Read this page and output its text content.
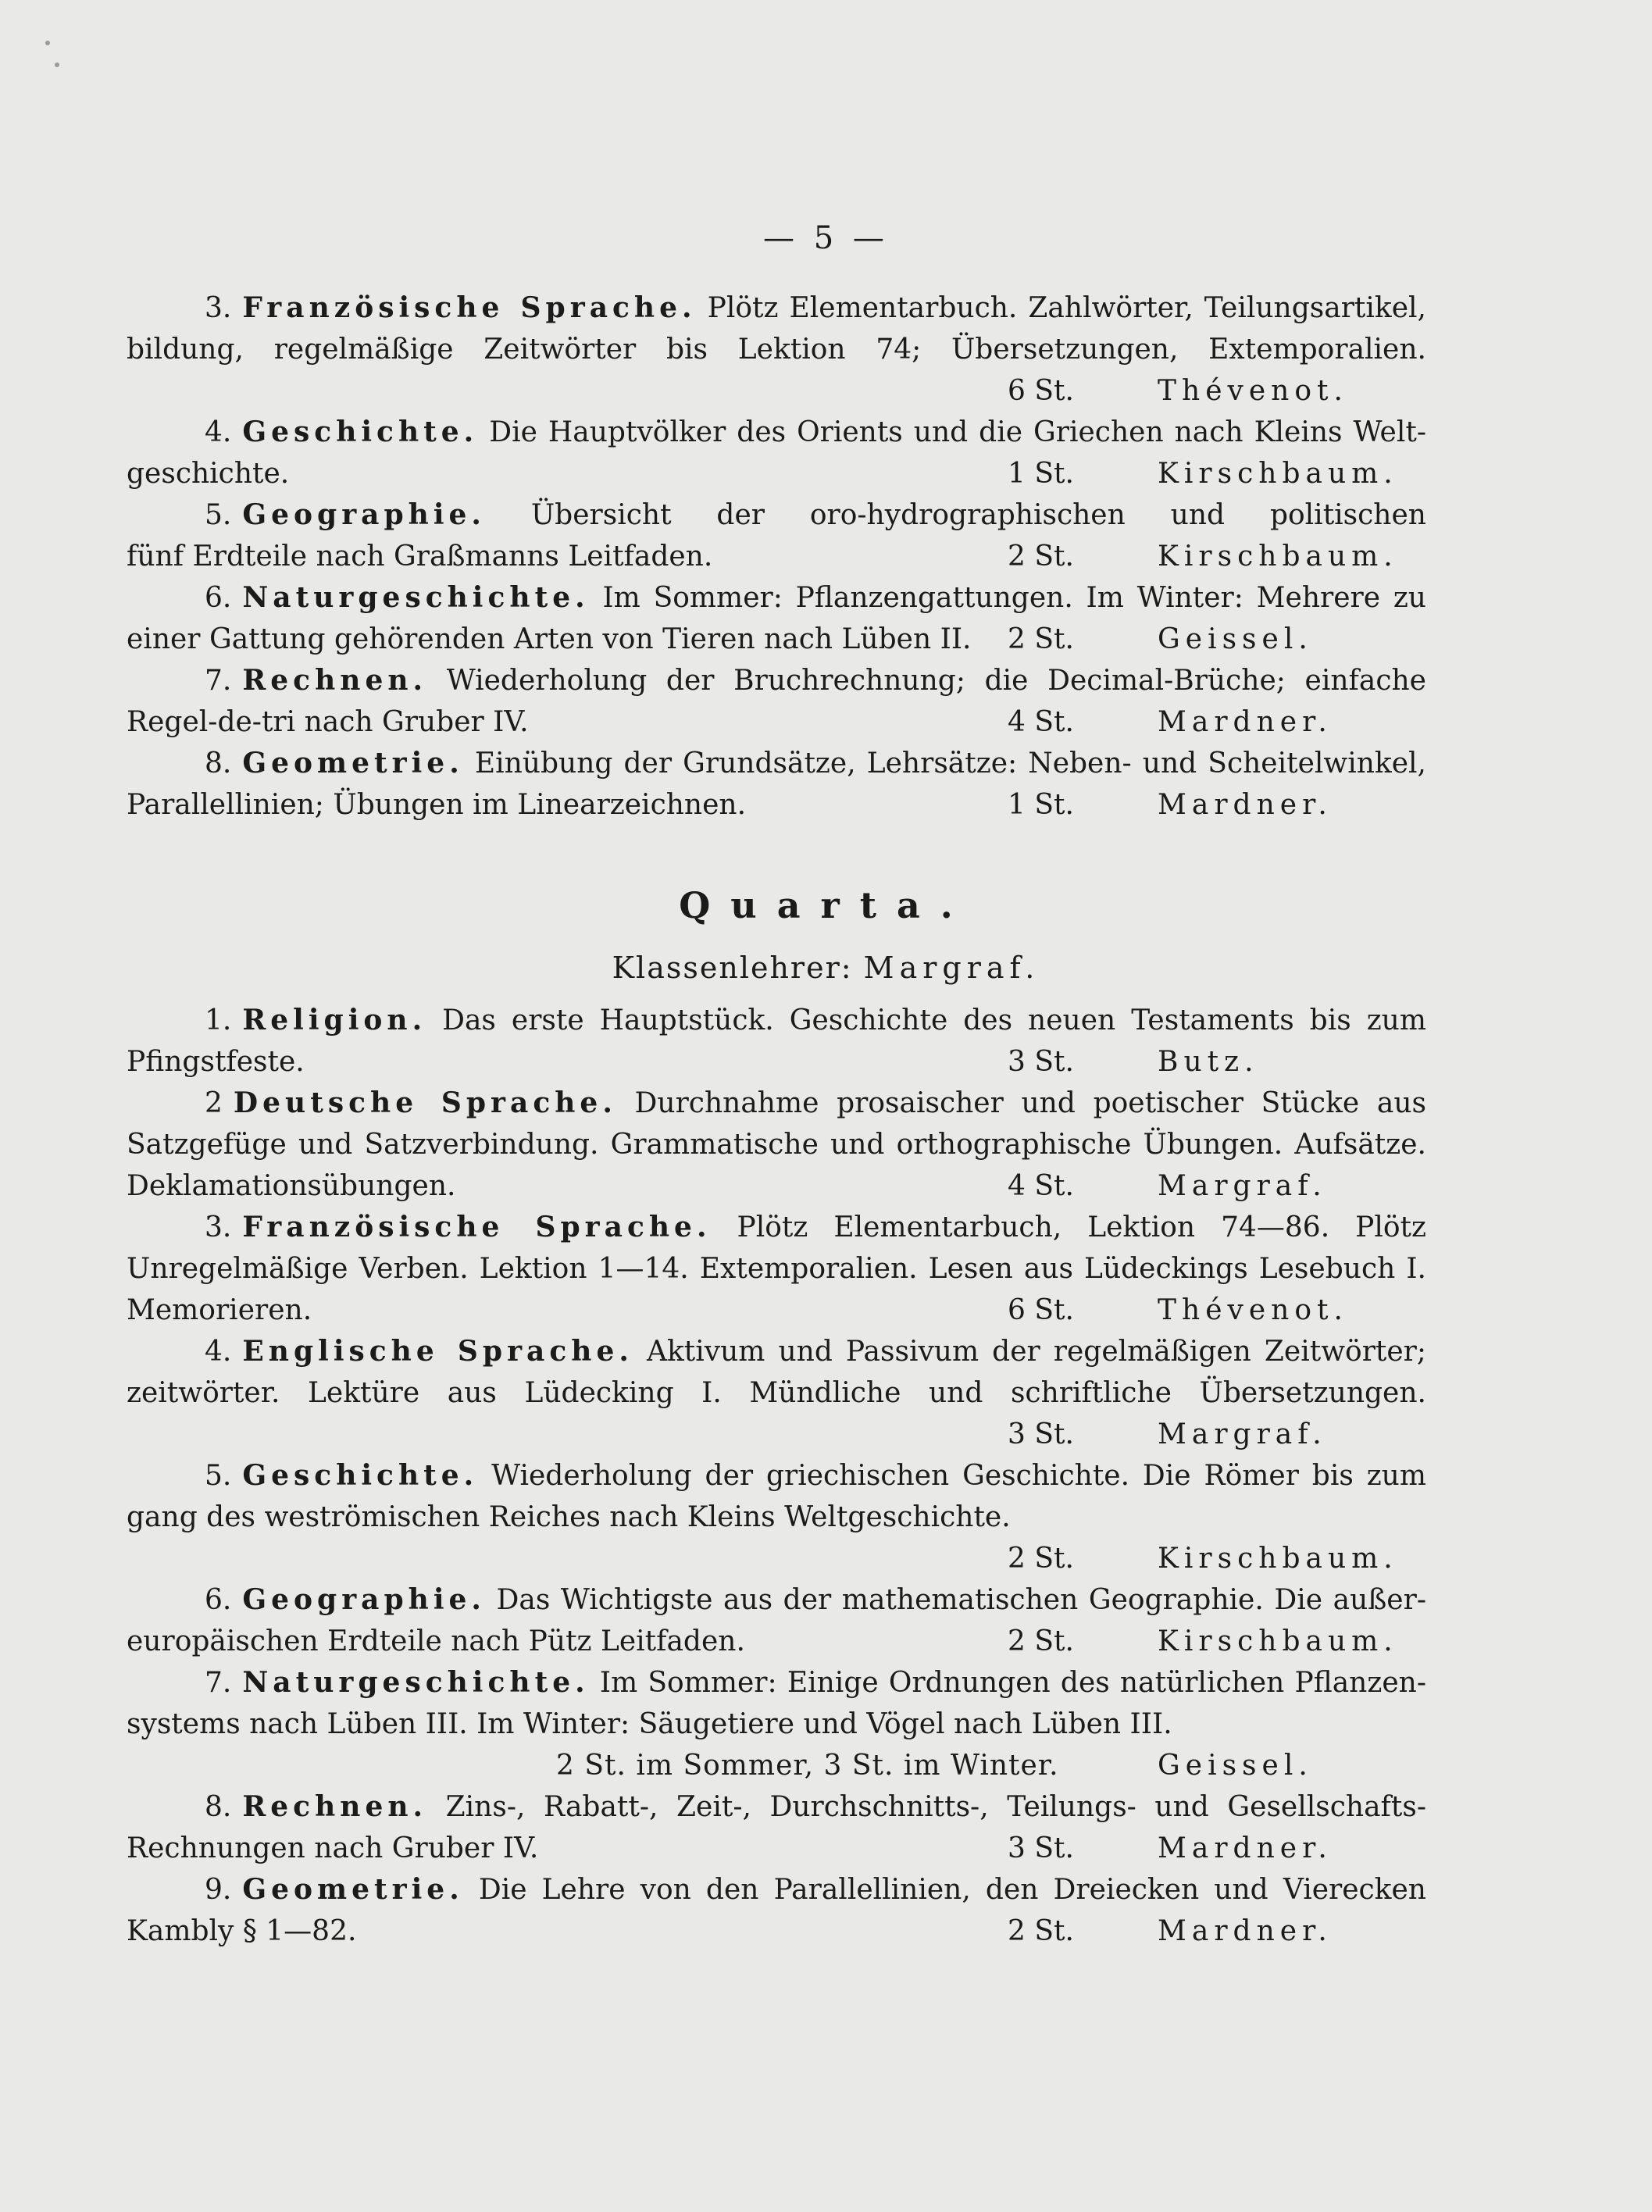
— 5 —
3. Französische Sprache. Plötz Elementarbuch. Zahlwörter, Teilungsartikel,
bildung, regelmäßige Zeitwörter bis Lektion 74; Übersetzungen, Extemporalien.
6 St.	Thévenot.
4. Geschichte. Die Hauptvölker des Orients und die Griechen nach Kleins Welt-
geschichte.	1 St.	Kirschbaum.
5. Geographie. Übersicht der oro-hydrographischen und politischen
fünf Erdteile nach Graßmanns Leitfaden.	2 St.	Kirschbaum.
6. Naturgeschichte. Im Sommer: Pflanzengattungen. Im Winter: Mehrere zu
einer Gattung gehörenden Arten von Tieren nach Lüben II. 2 St.	Geissel.
7. Rechnen. Wiederholung der Bruchrechnung; die Decimal-Brüche; einfache
Regel-de-tri nach Gruber IV.	4 St.	Mardner.
8. Geometrie. Einübung der Grundsätze, Lehrsätze: Neben- und Scheitelwinkel,
Parallellinien; Übungen im Linearzeichnen.	1 St.	Mardner.
Quarta.
Klassenlehrer: Margraf.
1. Religion. Das erste Hauptstück. Geschichte des neuen Testaments bis zum
Pfingstfeste.	3 St.	Butz.
2 Deutsche Sprache. Durchnahme prosaischer und poetischer Stücke aus
Satzgefüge und Satzverbindung. Grammatische und orthographische Übungen. Aufsätze.
Deklamationsübungen.	4 St.	Margraf.
3. Französische Sprache. Plötz Elementarbuch, Lektion 74—86. Plötz
Unregelmäßige Verben. Lektion 1—14. Extemporalien. Lesen aus Lüdeckings Lesebuch I.
Memorieren.	6 St.	Thévenot.
4. Englische Sprache. Aktivum und Passivum der regelmäßigen Zeitwörter;
zeitwörter. Lektüre aus Lüdecking I. Mündliche und schriftliche Übersetzungen.
3 St.	Margraf.
5. Geschichte. Wiederholung der griechischen Geschichte. Die Römer bis zum
gang des weströmischen Reiches nach Kleins Weltgeschichte.
2 St.	Kirschbaum.
6. Geographie. Das Wichtigste aus der mathematischen Geographie. Die außer-
europäischen Erdteile nach Pütz Leitfaden.	2 St.	Kirschbaum.
7. Naturgeschichte. Im Sommer: Einige Ordnungen des natürlichen Pflanzen-
systems nach Lüben III. Im Winter: Säugetiere und Vögel nach Lüben III.
2 St. im Sommer, 3 St. im Winter.	Geissel.
8. Rechnen. Zins-, Rabatt-, Zeit-, Durchschnitts-, Teilungs- und Gesellschafts-
Rechnungen nach Gruber IV.	3 St.	Mardner.
9. Geometrie. Die Lehre von den Parallellinien, den Dreiecken und Vierecken
Kambly § 1—82.	2 St.	Mardner.
